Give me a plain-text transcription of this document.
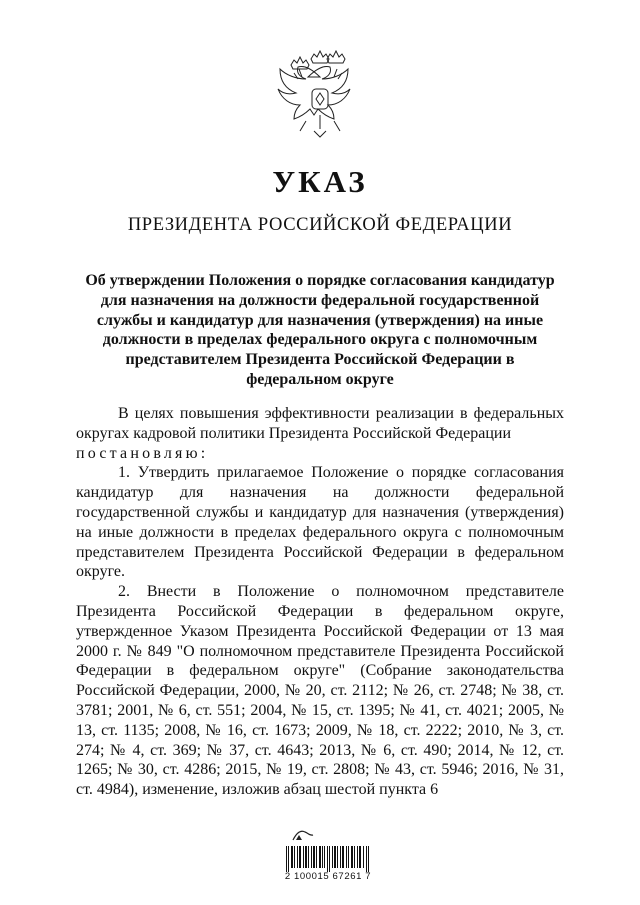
УКАЗ
ПРЕЗИДЕНТА РОССИЙСКОЙ ФЕДЕРАЦИИ
Об утверждении Положения о порядке согласования кандидатур для назначения на должности федеральной государственной службы и кандидатур для назначения (утверждения) на иные должности в пределах федерального округа с полномочным представителем Президента Российской Федерации в федеральном округе

В целях повышения эффективности реализации в федеральных округах кадровой политики Президента Российской Федерации

постановляю:

1. Утвердить прилагаемое Положение о порядке согласования кандидатур для назначения на должности федеральной государственной службы и кандидатур для назначения (утверждения) на иные должности в пределах федерального округа с полномочным представителем Президента Российской Федерации в федеральном округе.

2. Внести в Положение о полномочном представителе Президента Российской Федерации в федеральном округе, утвержденное Указом Президента Российской Федерации от 13 мая 2000 г. № 849 "О полномочном представителе Президента Российской Федерации в федеральном округе" (Собрание законодательства Российской Федерации, 2000, № 20, ст. 2112; № 26, ст. 2748; № 38, ст. 3781; 2001, № 6, ст. 551; 2004, № 15, ст. 1395; № 41, ст. 4021; 2005, № 13, ст. 1135; 2008, № 16, ст. 1673; 2009, № 18, ст. 2222; 2010, № 3, ст. 274; № 4, ст. 369; № 37, ст. 4643; 2013, № 6, ст. 490; 2014, № 12, ст. 1265; № 30, ст. 4286; 2015, № 19, ст. 2808; № 43, ст. 5946; 2016, № 31, ст. 4984), изменение, изложив абзац шестой пункта 6

2 100015 67261 7
